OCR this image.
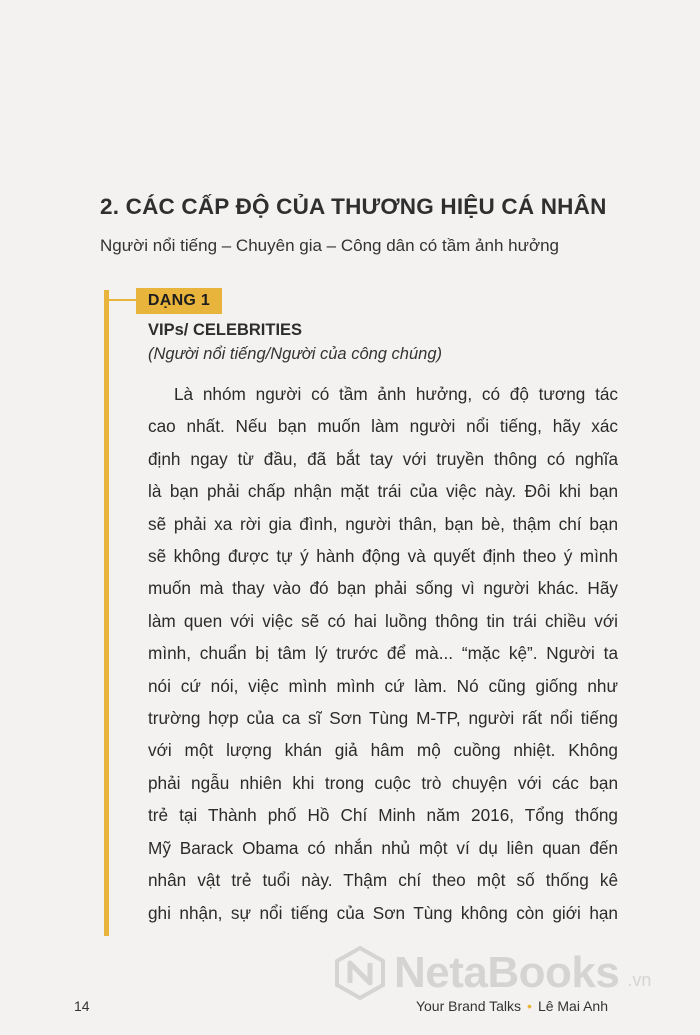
2. CÁC CẤP ĐỘ CỦA THƯƠNG HIỆU CÁ NHÂN
Người nổi tiếng – Chuyên gia – Công dân có tầm ảnh hưởng
DẠNG 1
VIPs/ CELEBRITIES
(Người nổi tiếng/Người của công chúng)
Là nhóm người có tầm ảnh hưởng, có độ tương tác
cao nhất. Nếu bạn muốn làm người nổi tiếng, hãy xác
định ngay từ đầu, đã bắt tay với truyền thông có nghĩa
là bạn phải chấp nhận mặt trái của việc này. Đôi khi bạn
sẽ phải xa rời gia đình, người thân, bạn bè, thậm chí bạn
sẽ không được tự ý hành động và quyết định theo ý mình
muốn mà thay vào đó bạn phải sống vì người khác. Hãy
làm quen với việc sẽ có hai luồng thông tin trái chiều với
mình, chuẩn bị tâm lý trước để mà... “mặc kệ”. Người ta
nói cứ nói, việc mình mình cứ làm. Nó cũng giống như
trường hợp của ca sĩ Sơn Tùng M-TP, người rất nổi tiếng
với một lượng khán giả hâm mộ cuồng nhiệt. Không
phải ngẫu nhiên khi trong cuộc trò chuyện với các bạn
trẻ tại Thành phố Hồ Chí Minh năm 2016, Tổng thống
Mỹ Barack Obama có nhắn nhủ một ví dụ liên quan đến
nhân vật trẻ tuổi này. Thậm chí theo một số thống kê
ghi nhận, sự nổi tiếng của Sơn Tùng không còn giới hạn
NetaBooks .vn
14	Your Brand Talks • Lê Mai Anh
